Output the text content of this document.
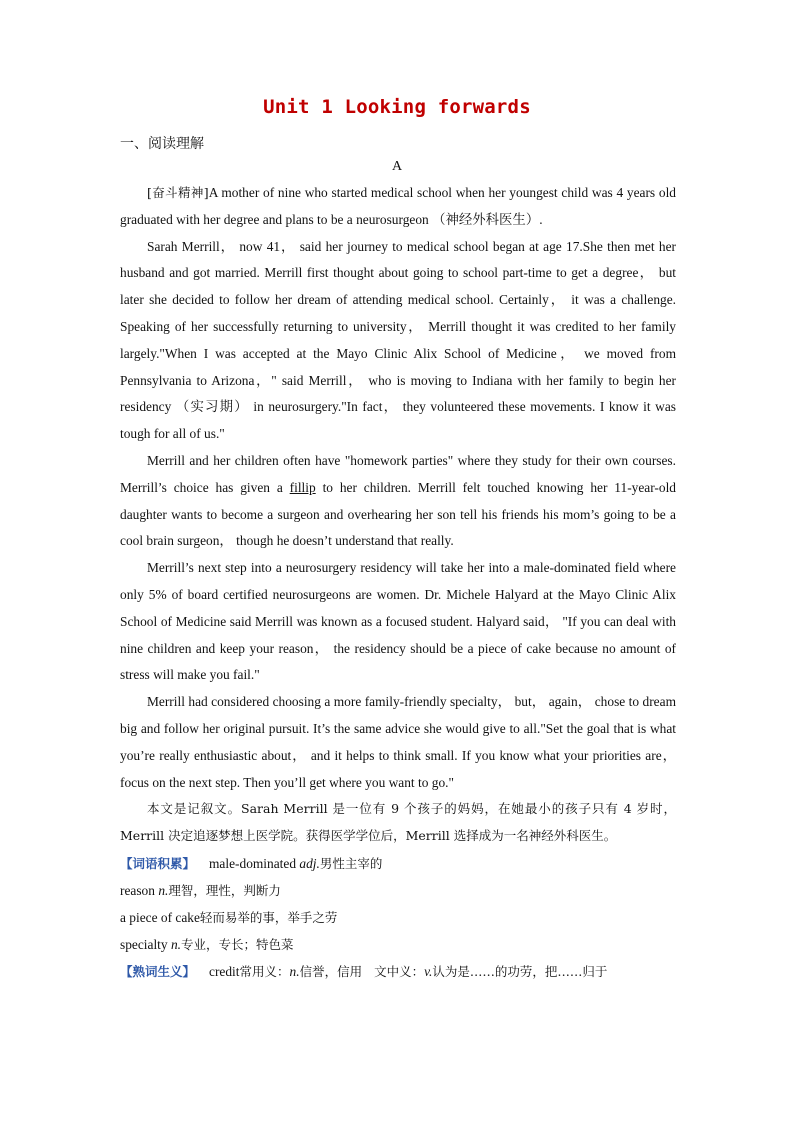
Unit 1 Looking forwards
一、阅读理解
A

[奋斗精神]A mother of nine who started medical school when her youngest child was 4 years old graduated with her degree and plans to be a neurosurgeon （神经外科医生）.

Sarah Merrill， now 41， said her journey to medical school began at age 17.She then met her husband and got married. Merrill first thought about going to school part-time to get a degree， but later she decided to follow her dream of attending medical school. Certainly， it was a challenge. Speaking of her successfully returning to university， Merrill thought it was credited to her family largely."When I was accepted at the Mayo Clinic Alix School of Medicine， we moved from Pennsylvania to Arizona，" said Merrill， who is moving to Indiana with her family to begin her residency （实习期） in neurosurgery."In fact， they volunteered these movements. I know it was tough for all of us."

Merrill and her children often have "homework parties" where they study for their own courses. Merrill’s choice has given a fillip to her children. Merrill felt touched knowing her 11-year-old daughter wants to become a surgeon and overhearing her son tell his friends his mom’s going to be a cool brain surgeon， though he doesn’t understand that really.

Merrill’s next step into a neurosurgery residency will take her into a male-dominated field where only 5% of board certified neurosurgeons are women. Dr. Michele Halyard at the Mayo Clinic Alix School of Medicine said Merrill was known as a focused student. Halyard said， "If you can deal with nine children and keep your reason， the residency should be a piece of cake because no amount of stress will make you fail."

Merrill had considered choosing a more family-friendly specialty， but， again， chose to dream big and follow her original pursuit. It’s the same advice she would give to all."Set the goal that is what you’re really enthusiastic about， and it helps to think small. If you know what your priorities are， focus on the next step. Then you’ll get where you want to go."

本文是记叙文。Sarah Merrill 是一位有 9 个孩子的妈妈，在她最小的孩子只有 4 岁时，Merrill 决定追逐梦想上医学院。获得医学学位后，Merrill 选择成为一名神经外科医生。

【词语积累】 male-dominated adj.男性主宰的
reason n.理智，理性，判断力
a piece of cake轻而易举的事，举手之劳
specialty n.专业，专长；特色菜
【熟词生义】 credit常用义：n.信誉，信用 文中义：v.认为是……的功劳，把……归于
